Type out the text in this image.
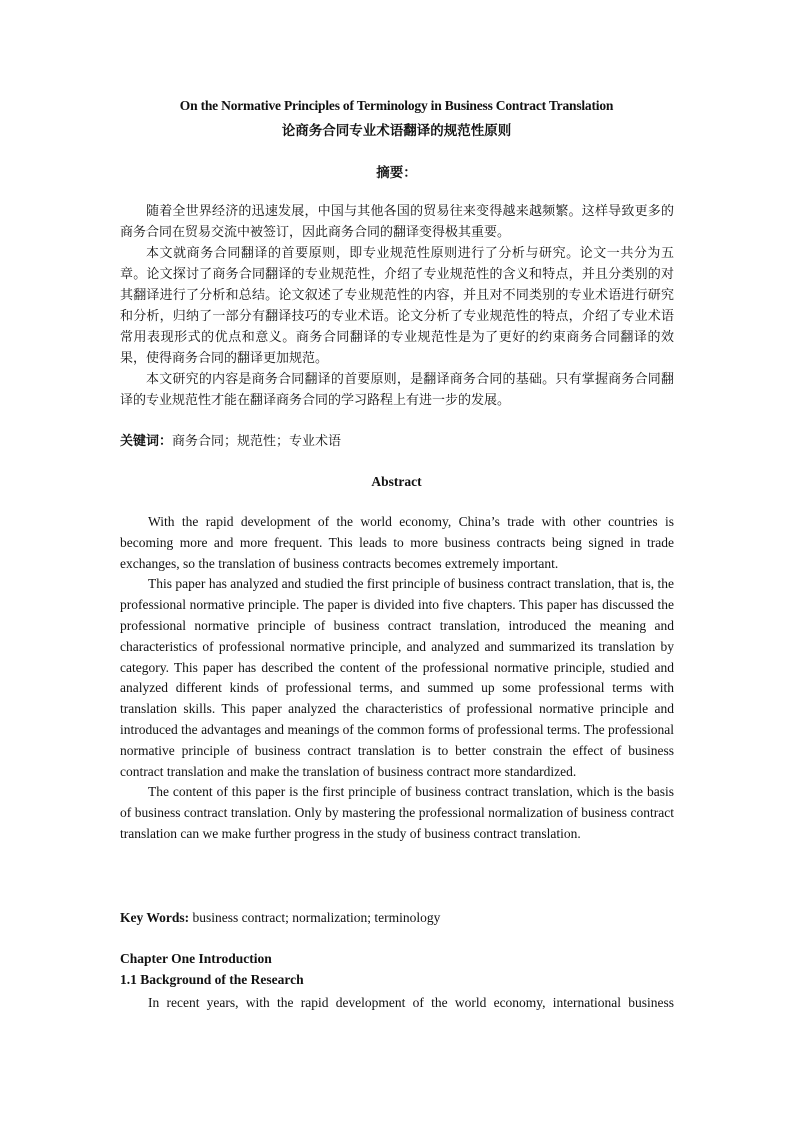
On the Normative Principles of Terminology in Business Contract Translation
论商务合同专业术语翻译的规范性原则
摘要：

随着全世界经济的迅速发展，中国与其他各国的贸易往来变得越来越频繁。这样导致更多的商务合同在贸易交流中被签订，因此商务合同的翻译变得极其重要。

本文就商务合同翻译的首要原则，即专业规范性原则进行了分析与研究。论文一共分为五章。论文探讨了商务合同翻译的专业规范性，介绍了专业规范性的含义和特点，并且分类别的对其翻译进行了分析和总结。论文叙述了专业规范性的内容，并且对不同类别的专业术语进行研究和分析，归纳了一部分有翻译技巧的专业术语。论文分析了专业规范性的特点，介绍了专业术语常用表现形式的优点和意义。商务合同翻译的专业规范性是为了更好的约束商务合同翻译的效果，使得商务合同的翻译更加规范。

本文研究的内容是商务合同翻译的首要原则，是翻译商务合同的基础。只有掌握商务合同翻译的专业规范性才能在翻译商务合同的学习路程上有进一步的发展。

关键词：商务合同；规范性；专业术语
Abstract

With the rapid development of the world economy, China’s trade with other countries is becoming more and more frequent. This leads to more business contracts being signed in trade exchanges, so the translation of business contracts becomes extremely important.

This paper has analyzed and studied the first principle of business contract translation, that is, the professional normative principle. The paper is divided into five chapters. This paper has discussed the professional normative principle of business contract translation, introduced the meaning and characteristics of professional normative principle, and analyzed and summarized its translation by category. This paper has described the content of the professional normative principle, studied and analyzed different kinds of professional terms, and summed up some professional terms with translation skills. This paper analyzed the characteristics of professional normative principle and introduced the advantages and meanings of the common forms of professional terms. The professional normative principle of business contract translation is to better constrain the effect of business contract translation and make the translation of business contract more standardized.

The content of this paper is the first principle of business contract translation, which is the basis of business contract translation. Only by mastering the professional normalization of business contract translation can we make further progress in the study of business contract translation.

Key Words: business contract; normalization; terminology
Chapter One Introduction
1.1 Background of the Research

In recent years, with the rapid development of the world economy, international business
